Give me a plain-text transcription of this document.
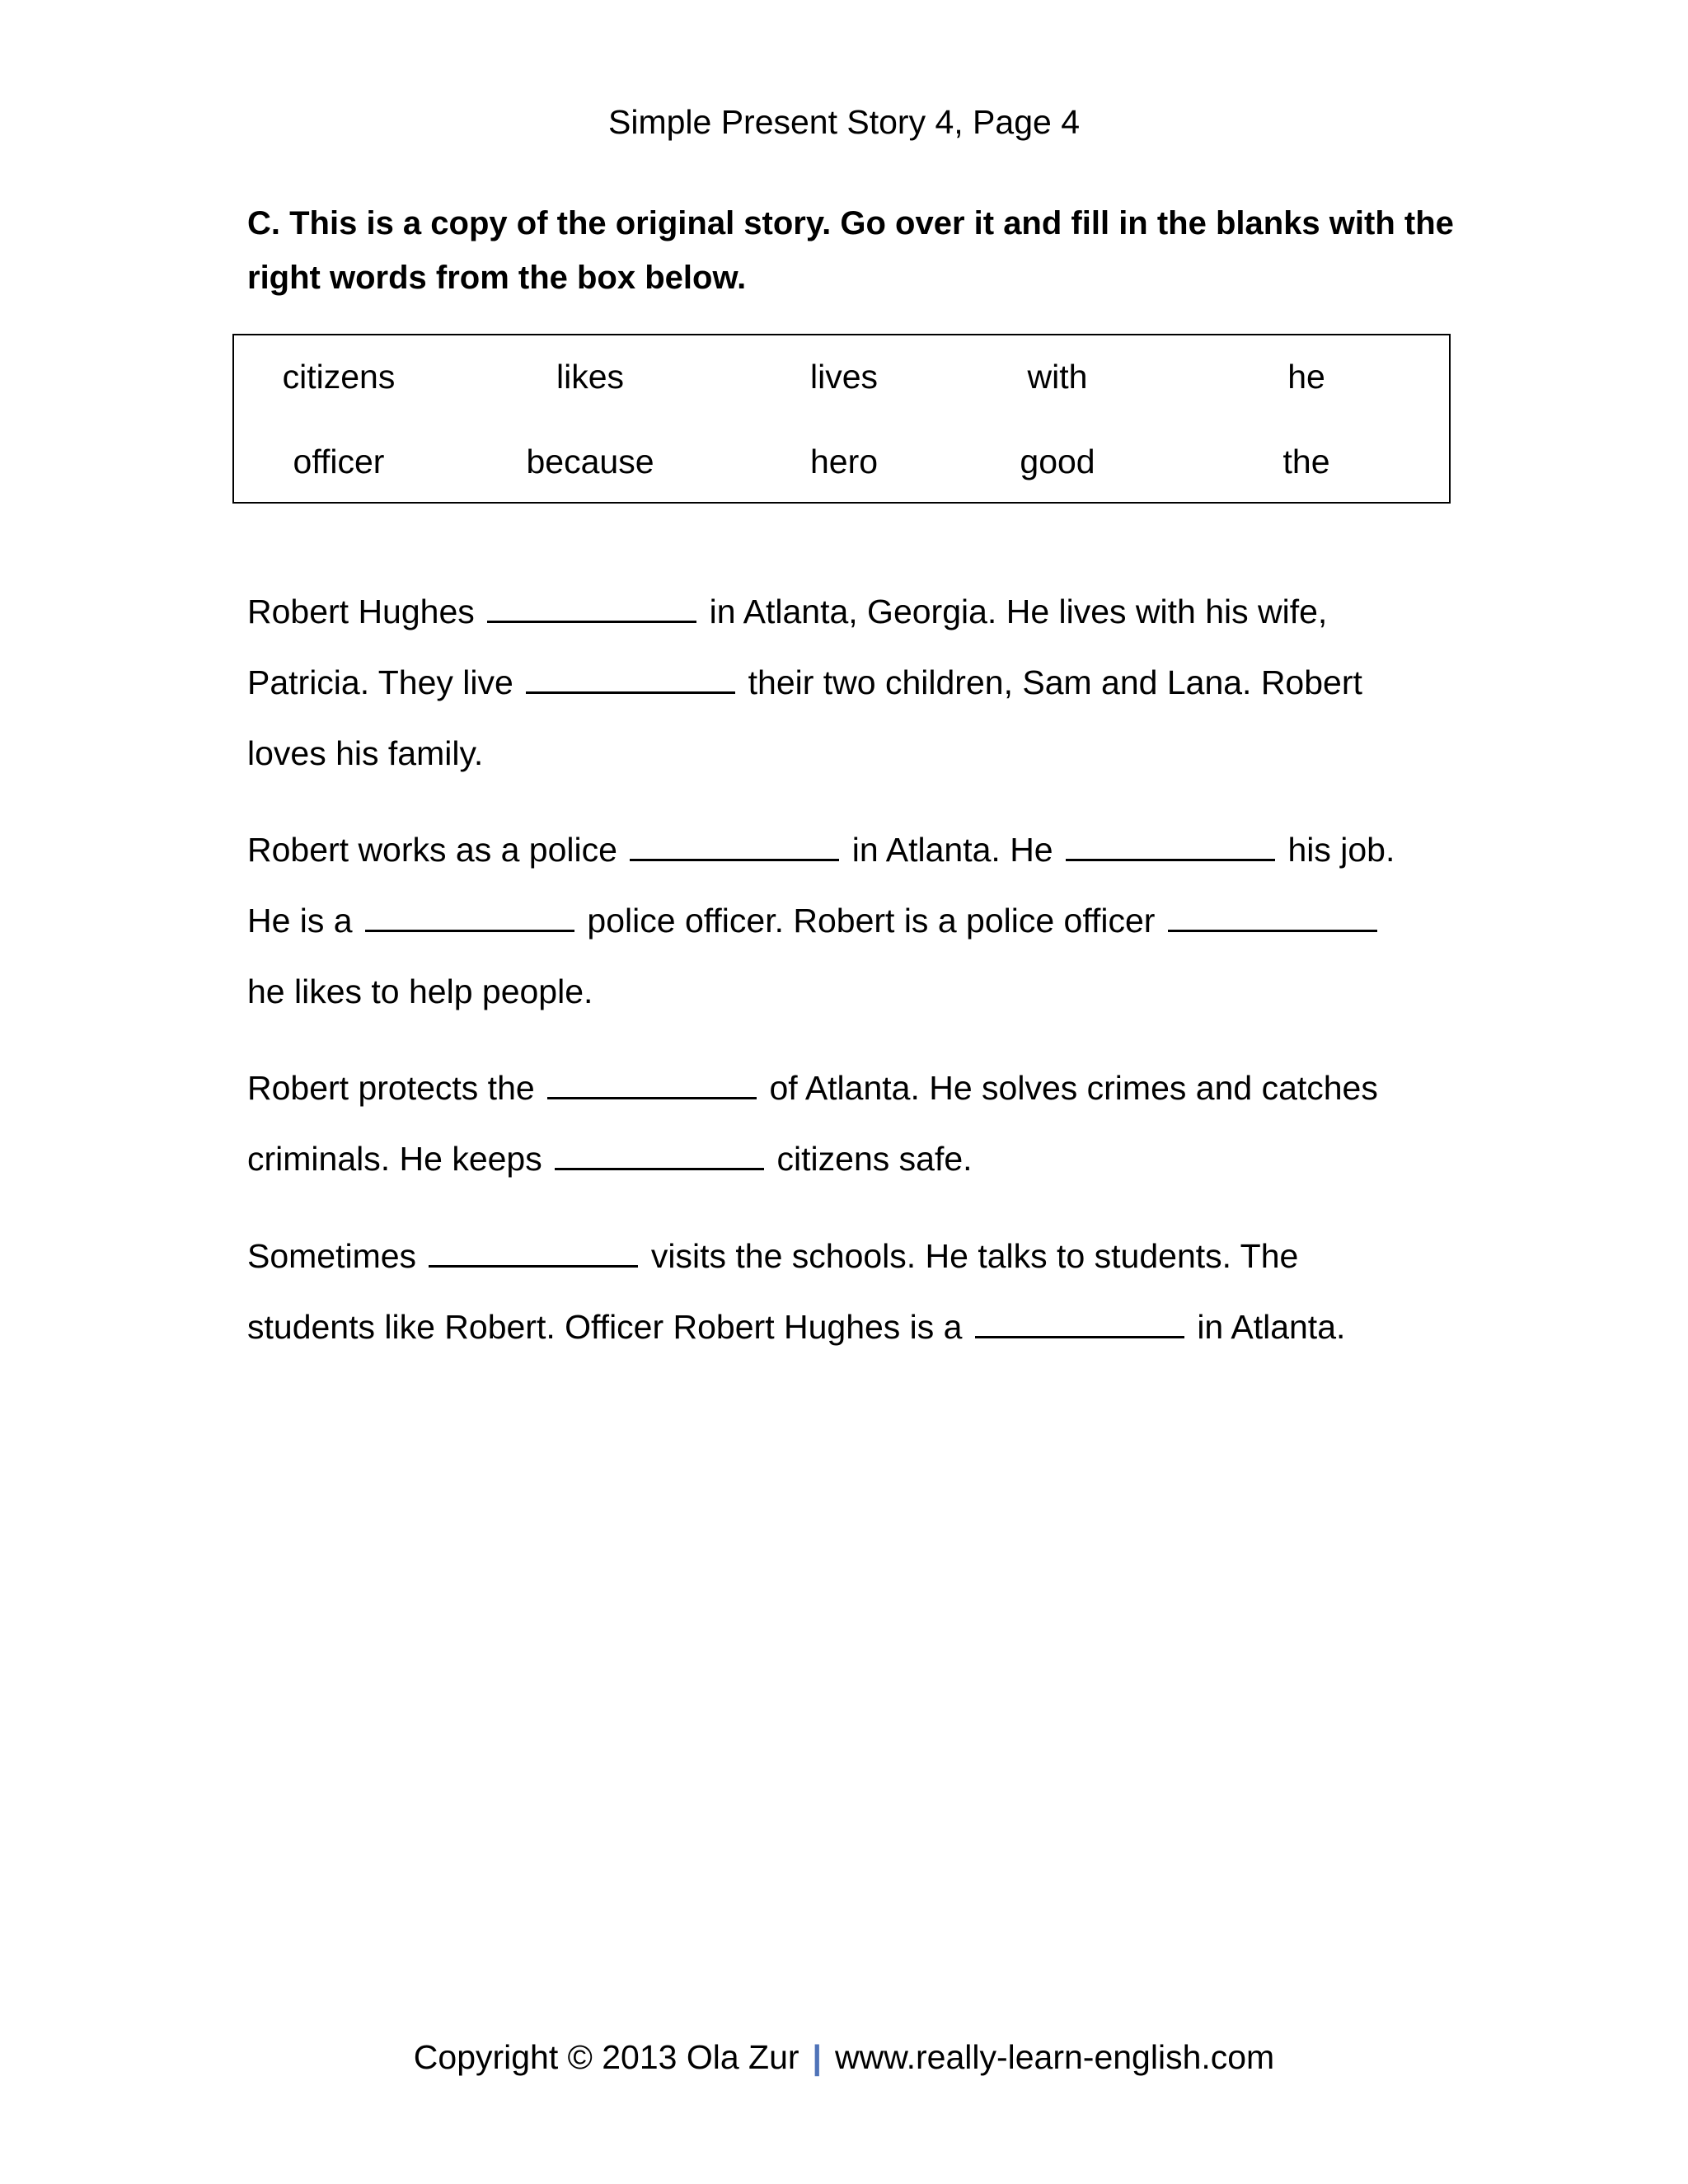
Simple Present Story 4, Page 4
C. This is a copy of the original story. Go over it and fill in the blanks with the right words from the box below.
citizens	likes	lives	with	he
officer	because	hero	good	the
Robert Hughes	in Atlanta, Georgia. He lives with his wife,
Patricia. They live	their two children, Sam and Lana. Robert
loves his family.
Robert works as a police	in Atlanta. He	his job.
He is a	police officer. Robert is a police officer
he likes to help people.
Robert protects the	of Atlanta. He solves crimes and catches
criminals. He keeps	citizens safe.
Sometimes	visits the schools. He talks to students. The
students like Robert. Officer Robert Hughes is a	in Atlanta.
Copyright © 2013 Ola Zur | www.really-learn-english.com
